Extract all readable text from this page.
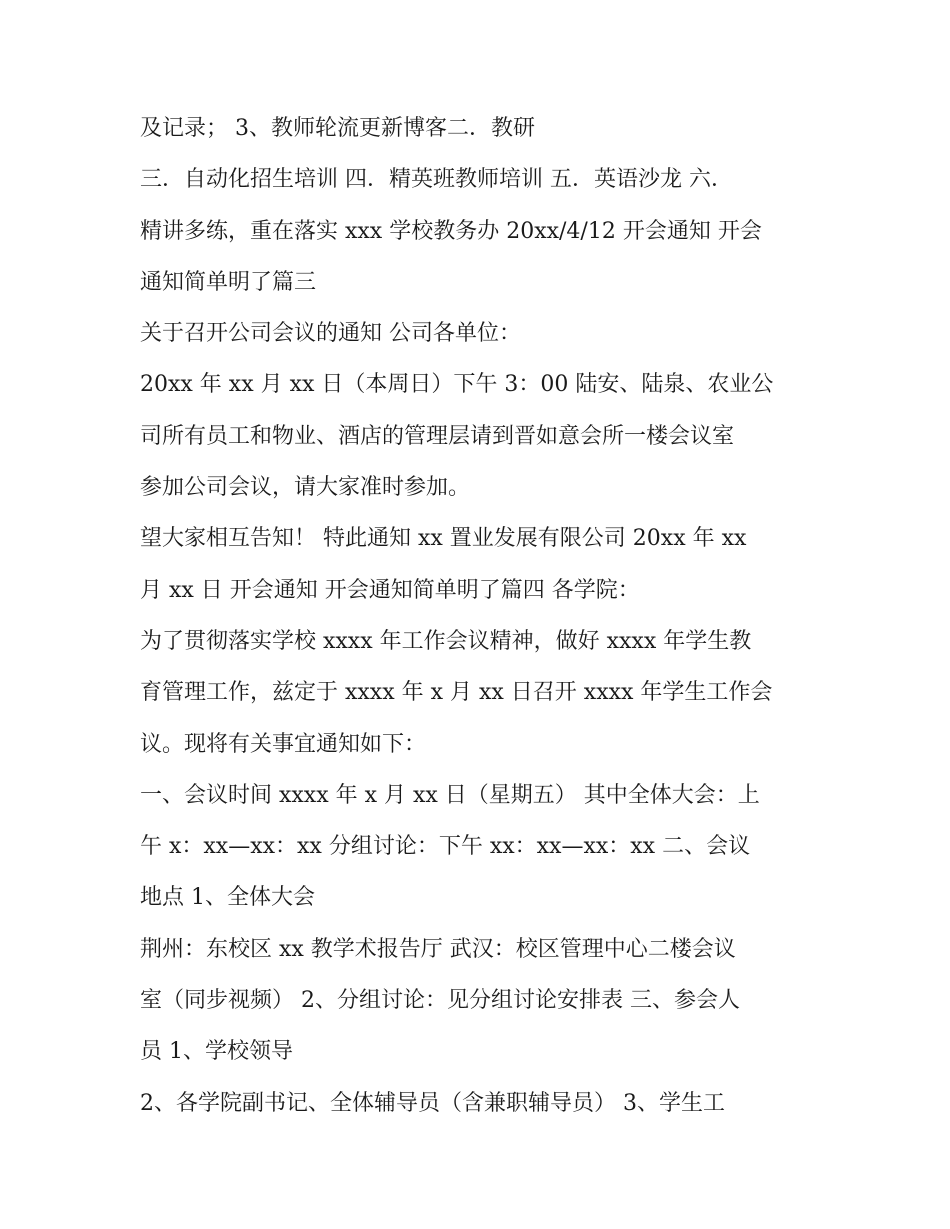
及记录； 3、教师轮流更新博客二．教研
三．自动化招生培训 四．精英班教师培训 五．英语沙龙 六．
精讲多练，重在落实 xxx 学校教务办 20xx/4/12 开会通知 开会
通知简单明了篇三
关于召开公司会议的通知 公司各单位：
20xx 年 xx 月 xx 日（本周日）下午 3：00 陆安、陆泉、农业公
司所有员工和物业、酒店的管理层请到晋如意会所一楼会议室
参加公司会议，请大家准时参加。
望大家相互告知！ 特此通知 xx 置业发展有限公司 20xx 年 xx
月 xx 日 开会通知 开会通知简单明了篇四 各学院：
为了贯彻落实学校 xxxx 年工作会议精神，做好 xxxx 年学生教
育管理工作，兹定于 xxxx 年 x 月 xx 日召开 xxxx 年学生工作会
议。现将有关事宜通知如下：
一、会议时间 xxxx 年 x 月 xx 日（星期五） 其中全体大会：上
午 x：xx—xx：xx 分组讨论：下午 xx：xx—xx：xx 二、会议
地点 1、全体大会
荆州：东校区 xx 教学术报告厅 武汉：校区管理中心二楼会议
室（同步视频） 2、分组讨论：见分组讨论安排表 三、参会人
员 1、学校领导
2、各学院副书记、全体辅导员（含兼职辅导员） 3、学生工
